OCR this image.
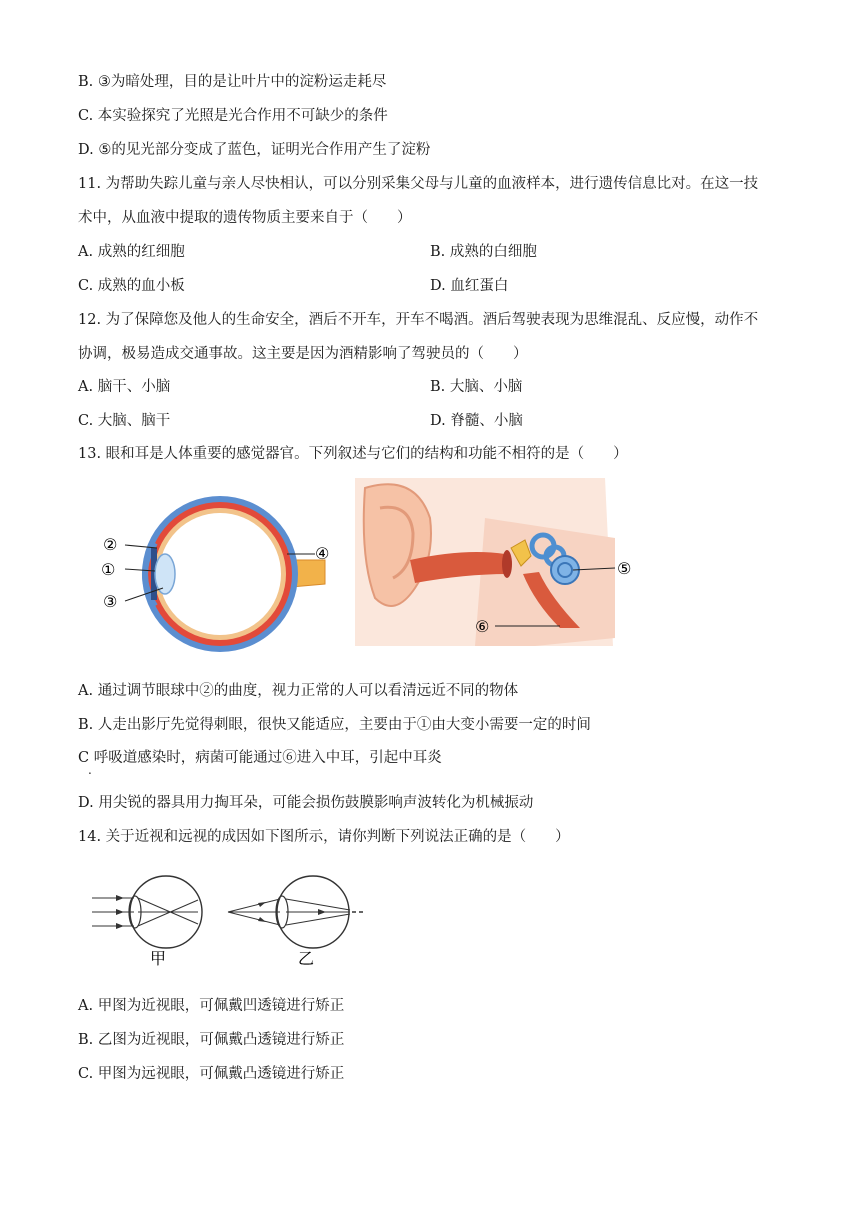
B. ③为暗处理，目的是让叶片中的淀粉运走耗尽
C. 本实验探究了光照是光合作用不可缺少的条件
D. ⑤的见光部分变成了蓝色，证明光合作用产生了淀粉
11. 为帮助失踪儿童与亲人尽快相认，可以分别采集父母与儿童的血液样本，进行遗传信息比对。在这一技
术中，从血液中提取的遗传物质主要来自于（　　）
A. 成熟的红细胞	B. 成熟的白细胞
C. 成熟的血小板	D. 血红蛋白
12. 为了保障您及他人的生命安全，酒后不开车，开车不喝酒。酒后驾驶表现为思维混乱、反应慢，动作不
协调，极易造成交通事故。这主要是因为酒精影响了驾驶员的（　　）
A. 脑干、小脑	B. 大脑、小脑
C. 大脑、脑干	D. 脊髓、小脑
13. 眼和耳是人体重要的感觉器官。下列叙述与它们的结构和功能不相符的是（　　）
②
①
③
④
⑤
⑥
A. 通过调节眼球中②的曲度，视力正常的人可以看清远近不同的物体
B. 人走出影厅先觉得刺眼，很快又能适应，主要由于①由大变小需要一定的时间
C 呼吸道感染时，病菌可能通过⑥进入中耳，引起中耳炎
.
D. 用尖锐的器具用力掏耳朵，可能会损伤鼓膜影响声波转化为机械振动
14. 关于近视和远视的成因如下图所示，请你判断下列说法正确的是（　　）
甲	乙
A. 甲图为近视眼，可佩戴凹透镜进行矫正
B. 乙图为近视眼，可佩戴凸透镜进行矫正
C. 甲图为远视眼，可佩戴凸透镜进行矫正
